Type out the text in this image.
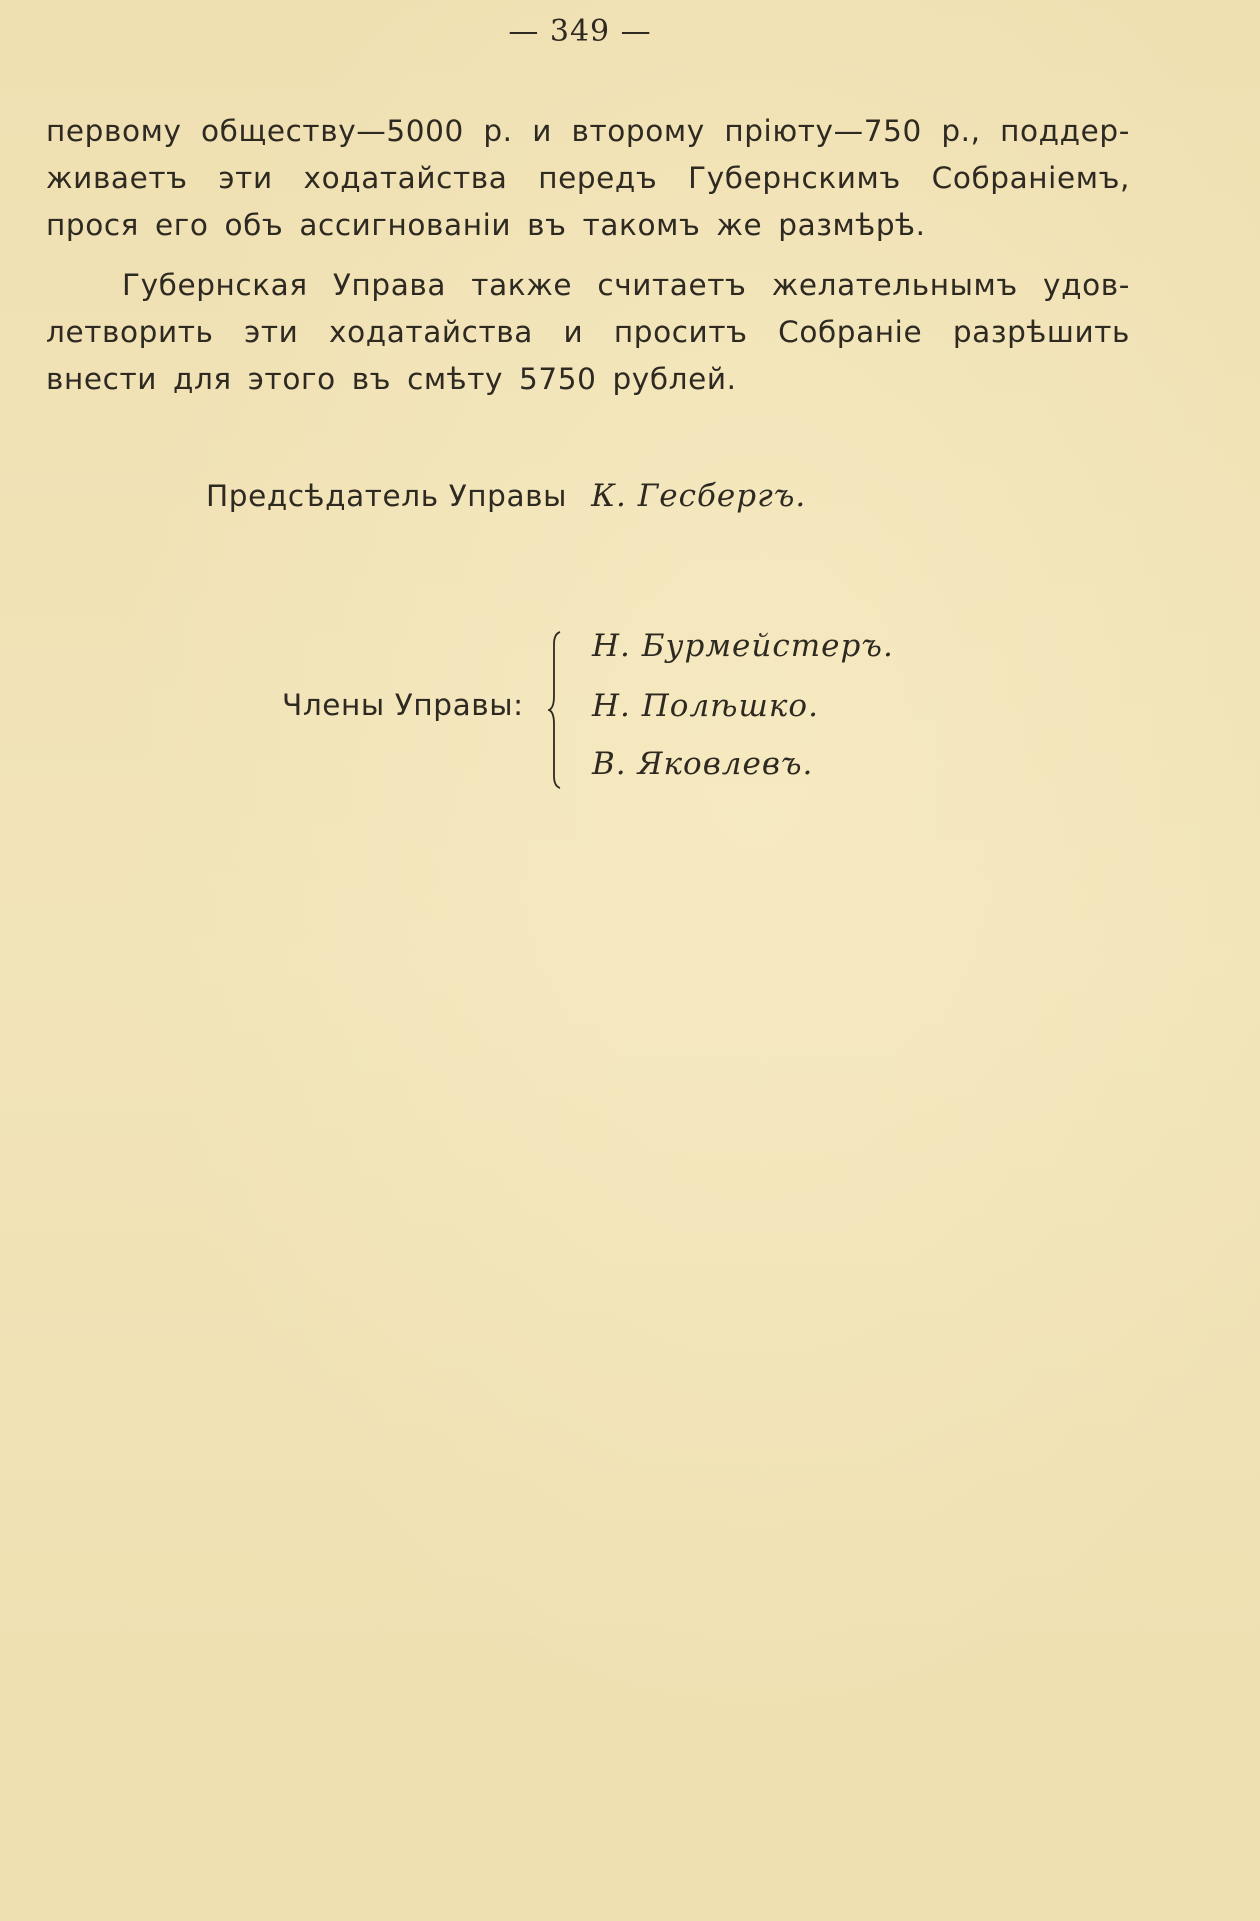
— 349 —
первому обществу—5000 р. и второму прiюту—750 р., поддер-
живаетъ эти ходатайства передъ Губернскимъ Собранiемъ,
прося его объ ассигнованiи въ такомъ же размѣрѣ.
Губернская Управа также считаетъ желательнымъ удов-
летворить эти ходатайства и проситъ Собранiе разрѣшить
внести для этого въ смѣту 5750 рублей.
Предсѣдатель Управы К. Гесбергъ.
Члены Управы:
Н. Бурмейстеръ.
Н. Полѣшко.
В. Яковлевъ.
